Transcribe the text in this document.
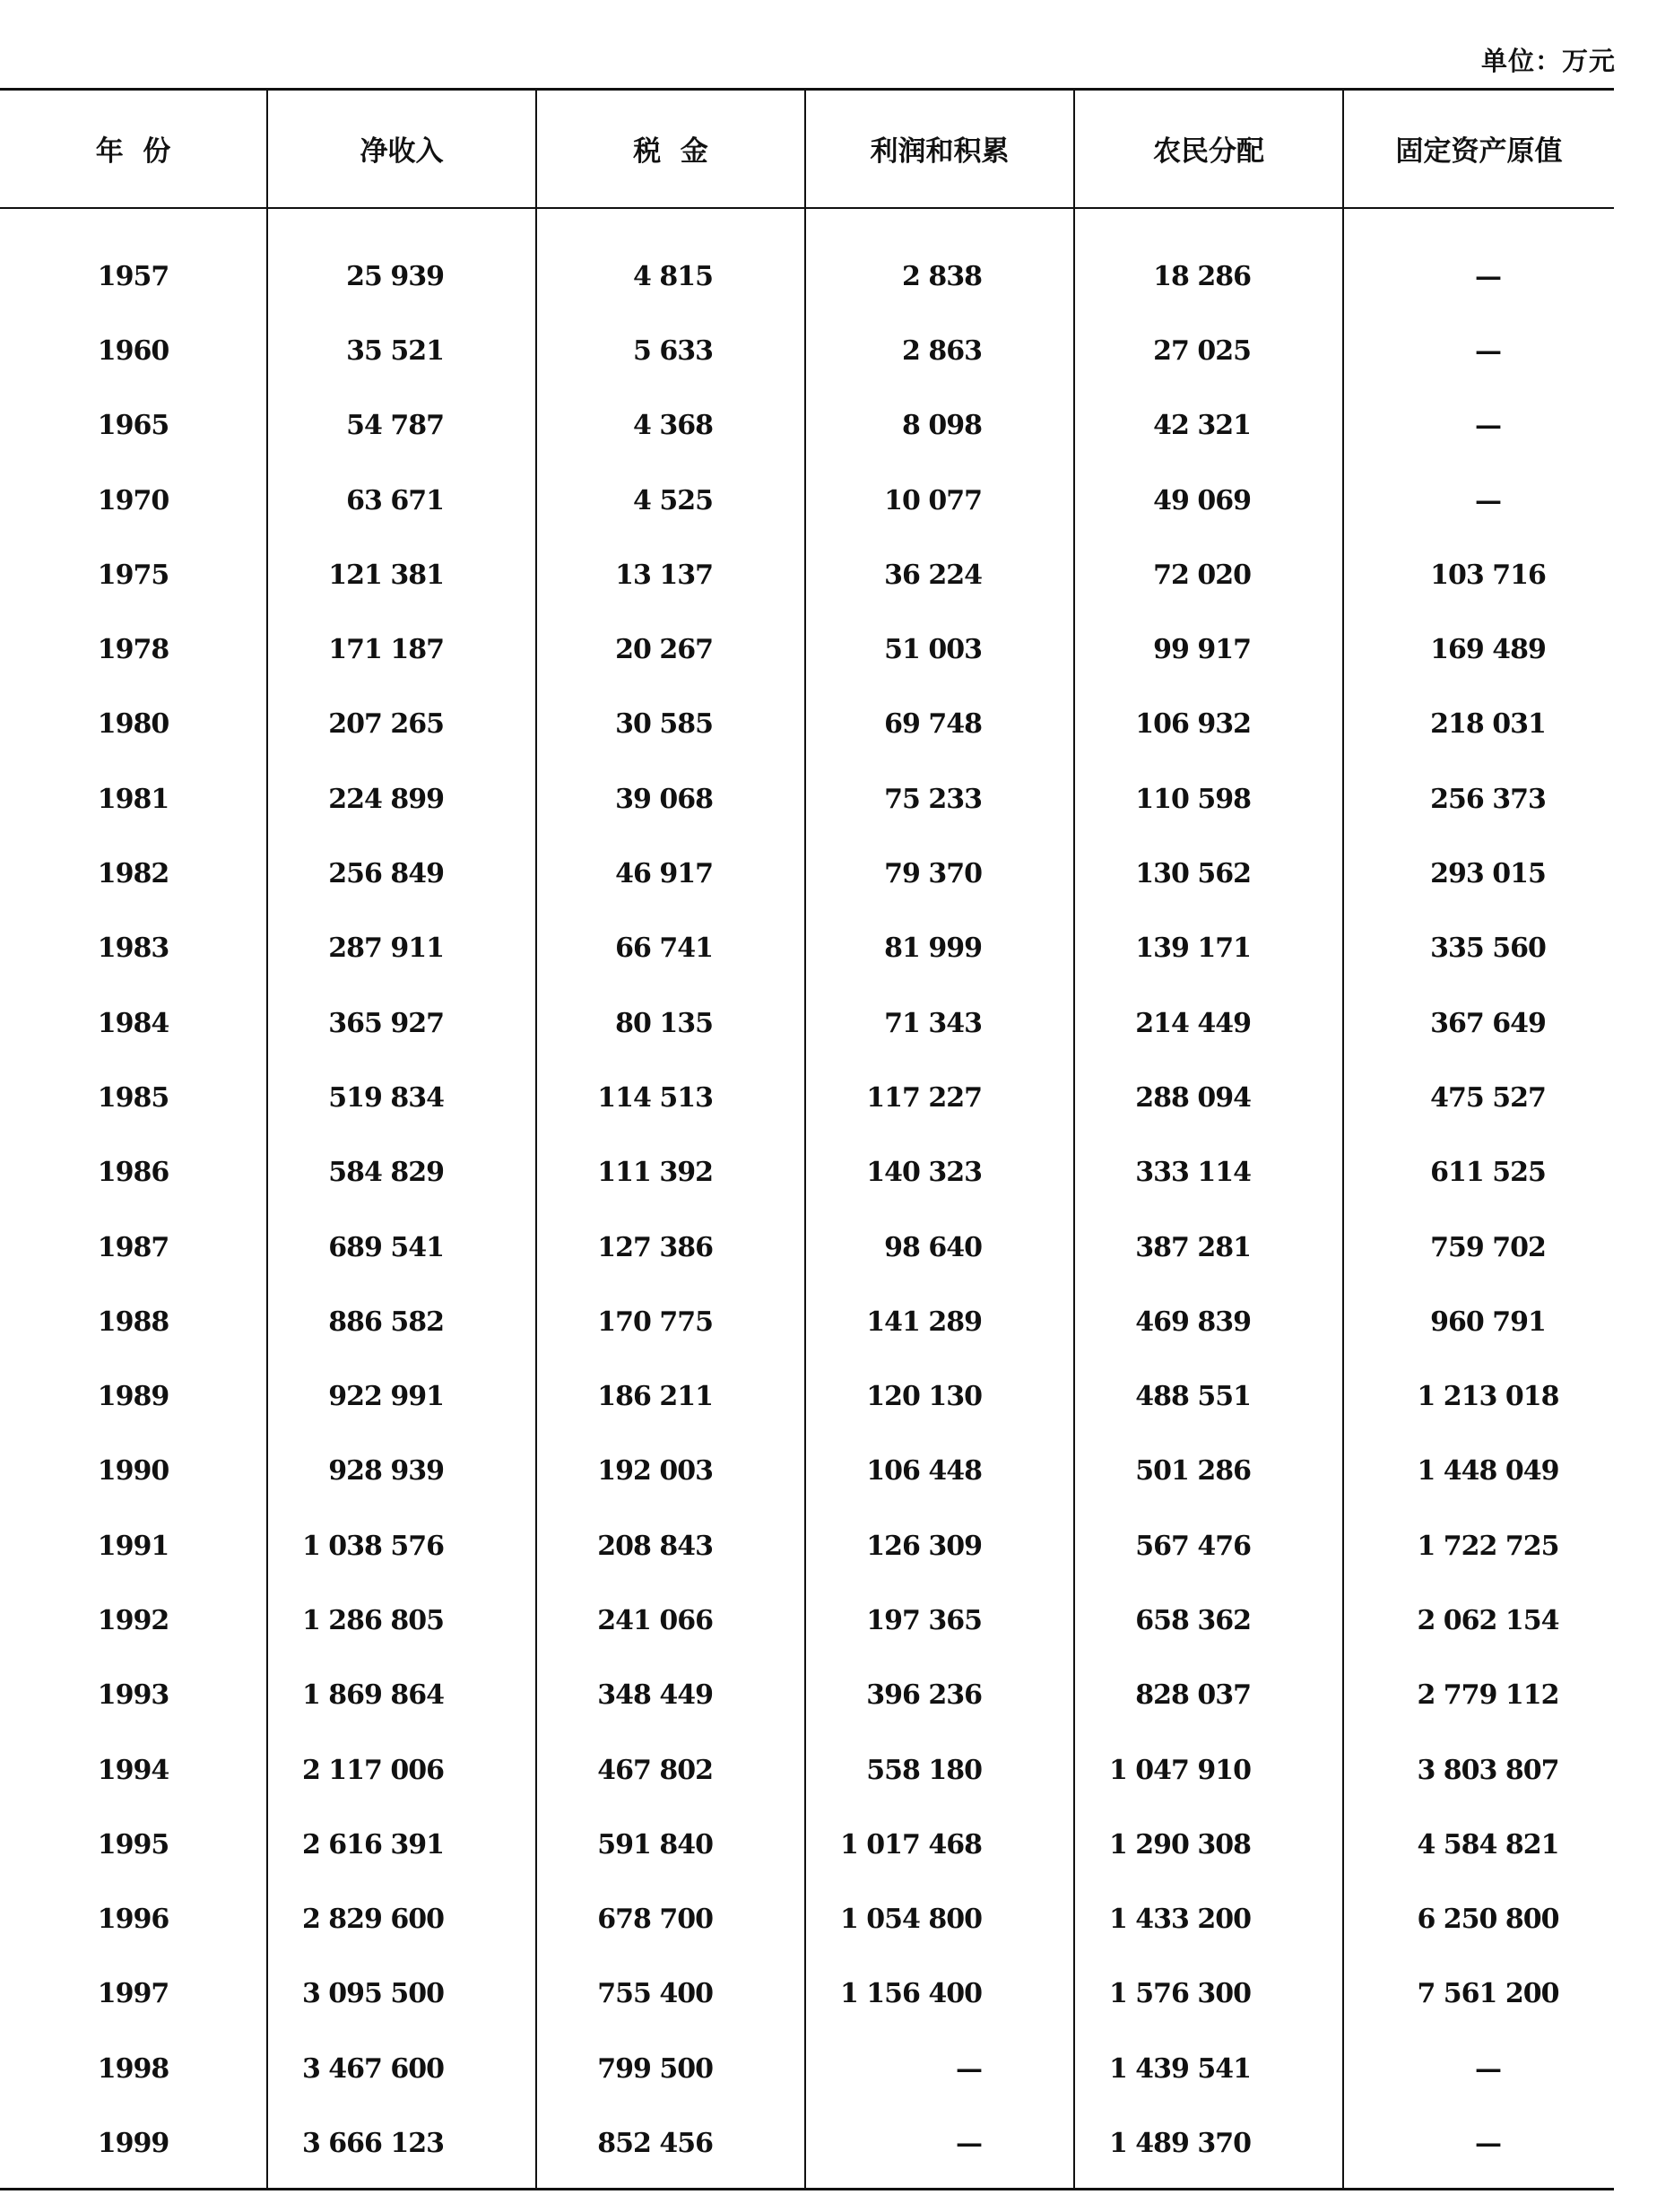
单位：万元
年  份	净收入	税  金	利润和积累	农民分配	固定资产原值
1957	25 939	4 815	2 838	18 286	—
1960	35 521	5 633	2 863	27 025	—
1965	54 787	4 368	8 098	42 321	—
1970	63 671	4 525	10 077	49 069	—
1975	121 381	13 137	36 224	72 020	103 716
1978	171 187	20 267	51 003	99 917	169 489
1980	207 265	30 585	69 748	106 932	218 031
1981	224 899	39 068	75 233	110 598	256 373
1982	256 849	46 917	79 370	130 562	293 015
1983	287 911	66 741	81 999	139 171	335 560
1984	365 927	80 135	71 343	214 449	367 649
1985	519 834	114 513	117 227	288 094	475 527
1986	584 829	111 392	140 323	333 114	611 525
1987	689 541	127 386	98 640	387 281	759 702
1988	886 582	170 775	141 289	469 839	960 791
1989	922 991	186 211	120 130	488 551	1 213 018
1990	928 939	192 003	106 448	501 286	1 448 049
1991	1 038 576	208 843	126 309	567 476	1 722 725
1992	1 286 805	241 066	197 365	658 362	2 062 154
1993	1 869 864	348 449	396 236	828 037	2 779 112
1994	2 117 006	467 802	558 180	1 047 910	3 803 807
1995	2 616 391	591 840	1 017 468	1 290 308	4 584 821
1996	2 829 600	678 700	1 054 800	1 433 200	6 250 800
1997	3 095 500	755 400	1 156 400	1 576 300	7 561 200
1998	3 467 600	799 500	—	1 439 541	—
1999	3 666 123	852 456	—	1 489 370	—
